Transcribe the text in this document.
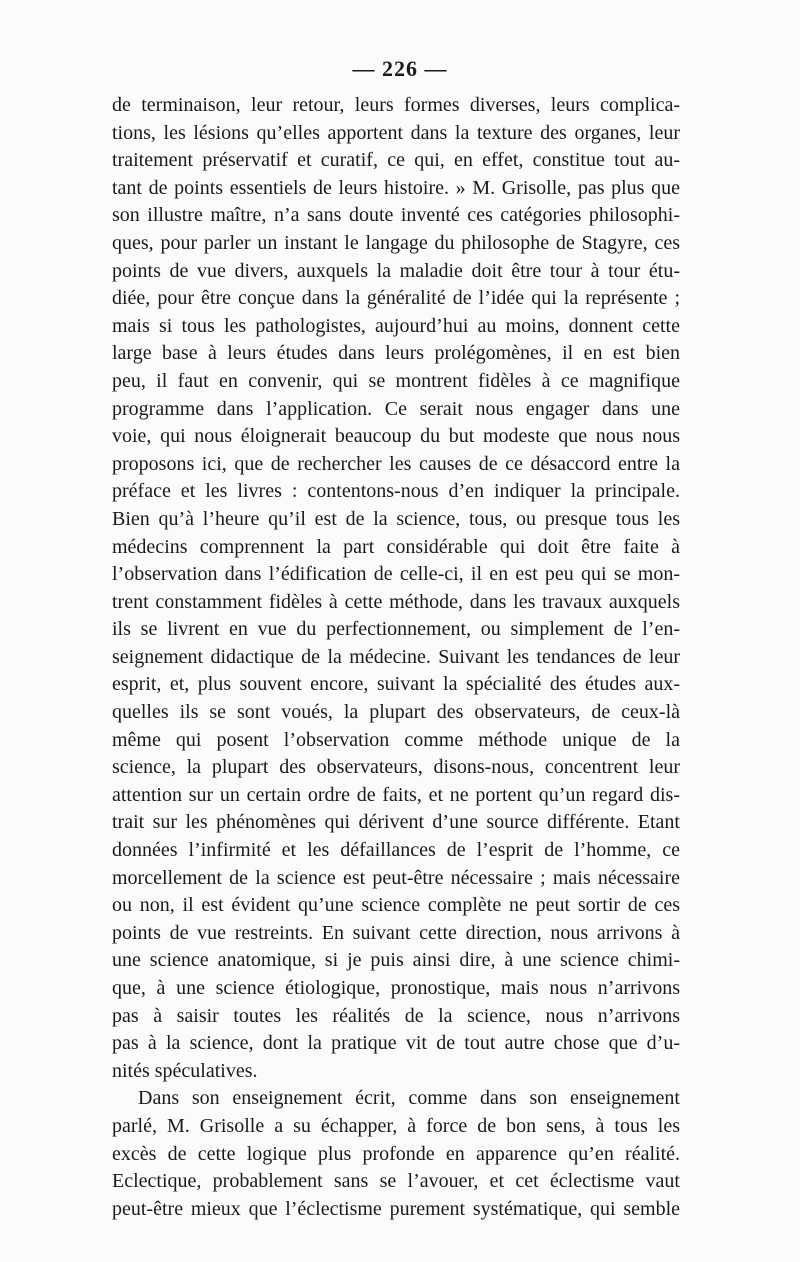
— 226 —
de terminaison, leur retour, leurs formes diverses, leurs complica-
tions, les lésions qu’elles apportent dans la texture des organes, leur
traitement préservatif et curatif, ce qui, en effet, constitue tout au-
tant de points essentiels de leurs histoire. » M. Grisolle, pas plus que
son illustre maître, n’a sans doute inventé ces catégories philosophi-
ques, pour parler un instant le langage du philosophe de Stagyre, ces
points de vue divers, auxquels la maladie doit être tour à tour étu-
diée, pour être conçue dans la généralité de l’idée qui la représente ;
mais si tous les pathologistes, aujourd’hui au moins, donnent cette
large base à leurs études dans leurs prolégomènes, il en est bien
peu, il faut en convenir, qui se montrent fidèles à ce magnifique
programme dans l’application. Ce serait nous engager dans une
voie, qui nous éloignerait beaucoup du but modeste que nous nous
proposons ici, que de rechercher les causes de ce désaccord entre la
préface et les livres : contentons-nous d’en indiquer la principale.
Bien qu’à l’heure qu’il est de la science, tous, ou presque tous les
médecins comprennent la part considérable qui doit être faite à
l’observation dans l’édification de celle-ci, il en est peu qui se mon-
trent constamment fidèles à cette méthode, dans les travaux auxquels
ils se livrent en vue du perfectionnement, ou simplement de l’en-
seignement didactique de la médecine. Suivant les tendances de leur
esprit, et, plus souvent encore, suivant la spécialité des études aux-
quelles ils se sont voués, la plupart des observateurs, de ceux-là
même qui posent l’observation comme méthode unique de la
science, la plupart des observateurs, disons-nous, concentrent leur
attention sur un certain ordre de faits, et ne portent qu’un regard dis-
trait sur les phénomènes qui dérivent d’une source différente. Etant
données l’infirmité et les défaillances de l’esprit de l’homme, ce
morcellement de la science est peut-être nécessaire ; mais nécessaire
ou non, il est évident qu’une science complète ne peut sortir de ces
points de vue restreints. En suivant cette direction, nous arrivons à
une science anatomique, si je puis ainsi dire, à une science chimi-
que, à une science étiologique, pronostique, mais nous n’arrivons
pas à saisir toutes les réalités de la science, nous n’arrivons
pas à la science, dont la pratique vit de tout autre chose que d’u-
nités spéculatives.
Dans son enseignement écrit, comme dans son enseignement
parlé, M. Grisolle a su échapper, à force de bon sens, à tous les
excès de cette logique plus profonde en apparence qu’en réalité.
Eclectique, probablement sans se l’avouer, et cet éclectisme vaut
peut-être mieux que l’éclectisme purement systématique, qui semble
